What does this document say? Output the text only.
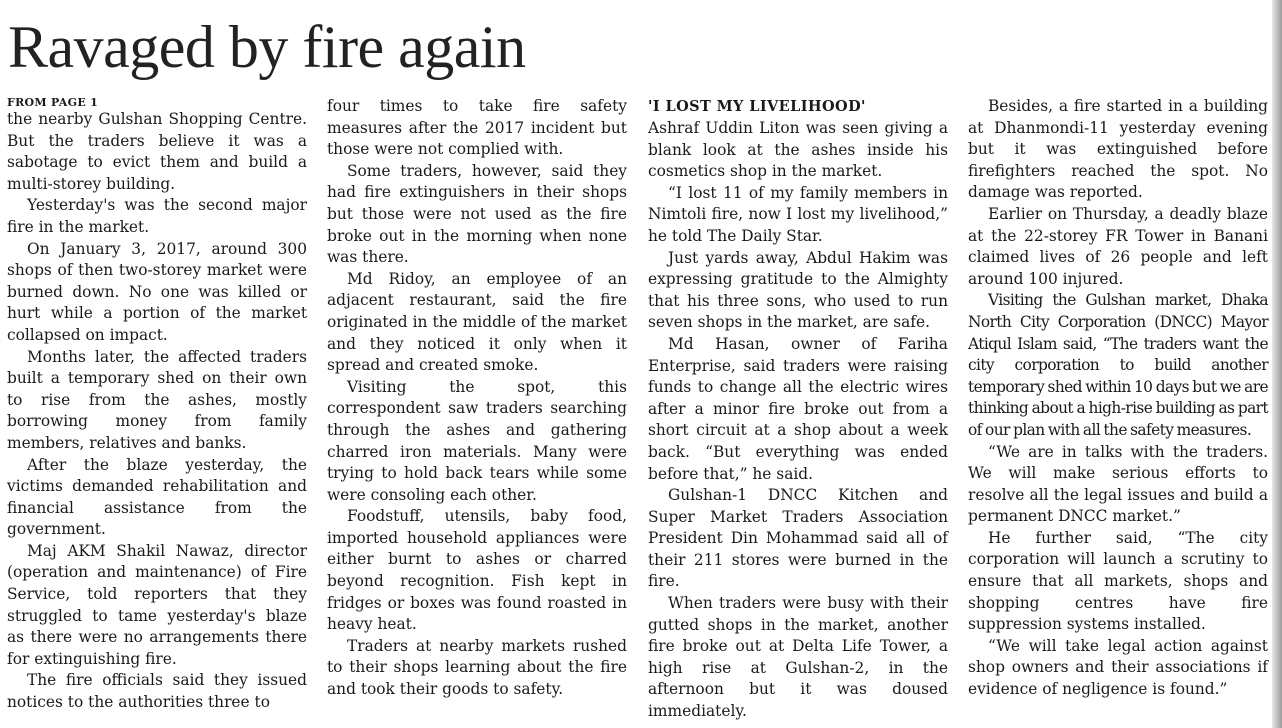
Ravaged by fire again

FROM PAGE 1

the nearby Gulshan Shopping Centre. But the traders believe it was a sabotage to evict them and build a multi-storey building.

Yesterday's was the second major fire in the market.

On January 3, 2017, around 300 shops of then two-storey market were burned down. No one was killed or hurt while a portion of the market collapsed on impact.

Months later, the affected traders built a temporary shed on their own to rise from the ashes, mostly borrowing money from family members, relatives and banks.

After the blaze yesterday, the victims demanded rehabilitation and financial assistance from the government.

Maj AKM Shakil Nawaz, director (operation and maintenance) of Fire Service, told reporters that they struggled to tame yesterday's blaze as there were no arrangements there for extinguishing fire.

The fire officials said they issued notices to the authorities three to

four times to take fire safety measures after the 2017 incident but those were not complied with.

Some traders, however, said they had fire extinguishers in their shops but those were not used as the fire broke out in the morning when none was there.

Md Ridoy, an employee of an adjacent restaurant, said the fire originated in the middle of the market and they noticed it only when it spread and created smoke.

Visiting the spot, this correspondent saw traders searching through the ashes and gathering charred iron materials. Many were trying to hold back tears while some were consoling each other.

Foodstuff, utensils, baby food, imported household appliances were either burnt to ashes or charred beyond recognition. Fish kept in fridges or boxes was found roasted in heavy heat.

Traders at nearby markets rushed to their shops learning about the fire and took their goods to safety.

'I LOST MY LIVELIHOOD'

Ashraf Uddin Liton was seen giving a blank look at the ashes inside his cosmetics shop in the market.

“I lost 11 of my family members in Nimtoli fire, now I lost my livelihood,” he told The Daily Star.

Just yards away, Abdul Hakim was expressing gratitude to the Almighty that his three sons, who used to run seven shops in the market, are safe.

Md Hasan, owner of Fariha Enterprise, said traders were raising funds to change all the electric wires after a minor fire broke out from a short circuit at a shop about a week back. “But everything was ended before that,” he said.

Gulshan-1 DNCC Kitchen and Super Market Traders Association President Din Mohammad said all of their 211 stores were burned in the fire.

When traders were busy with their gutted shops in the market, another fire broke out at Delta Life Tower, a high rise at Gulshan-2, in the afternoon but it was doused immediately.

Besides, a fire started in a building at Dhanmondi-11 yesterday evening but it was extinguished before firefighters reached the spot. No damage was reported.

Earlier on Thursday, a deadly blaze at the 22-storey FR Tower in Banani claimed lives of 26 people and left around 100 injured.

Visiting the Gulshan market, Dhaka North City Corporation (DNCC) Mayor Atiqul Islam said, “The traders want the city corporation to build another temporary shed within 10 days but we are thinking about a high-rise building as part of our plan with all the safety measures.

“We are in talks with the traders. We will make serious efforts to resolve all the legal issues and build a permanent DNCC market.”

He further said, “The city corporation will launch a scrutiny to ensure that all markets, shops and shopping centres have fire suppression systems installed.

“We will take legal action against shop owners and their associations if evidence of negligence is found.”
